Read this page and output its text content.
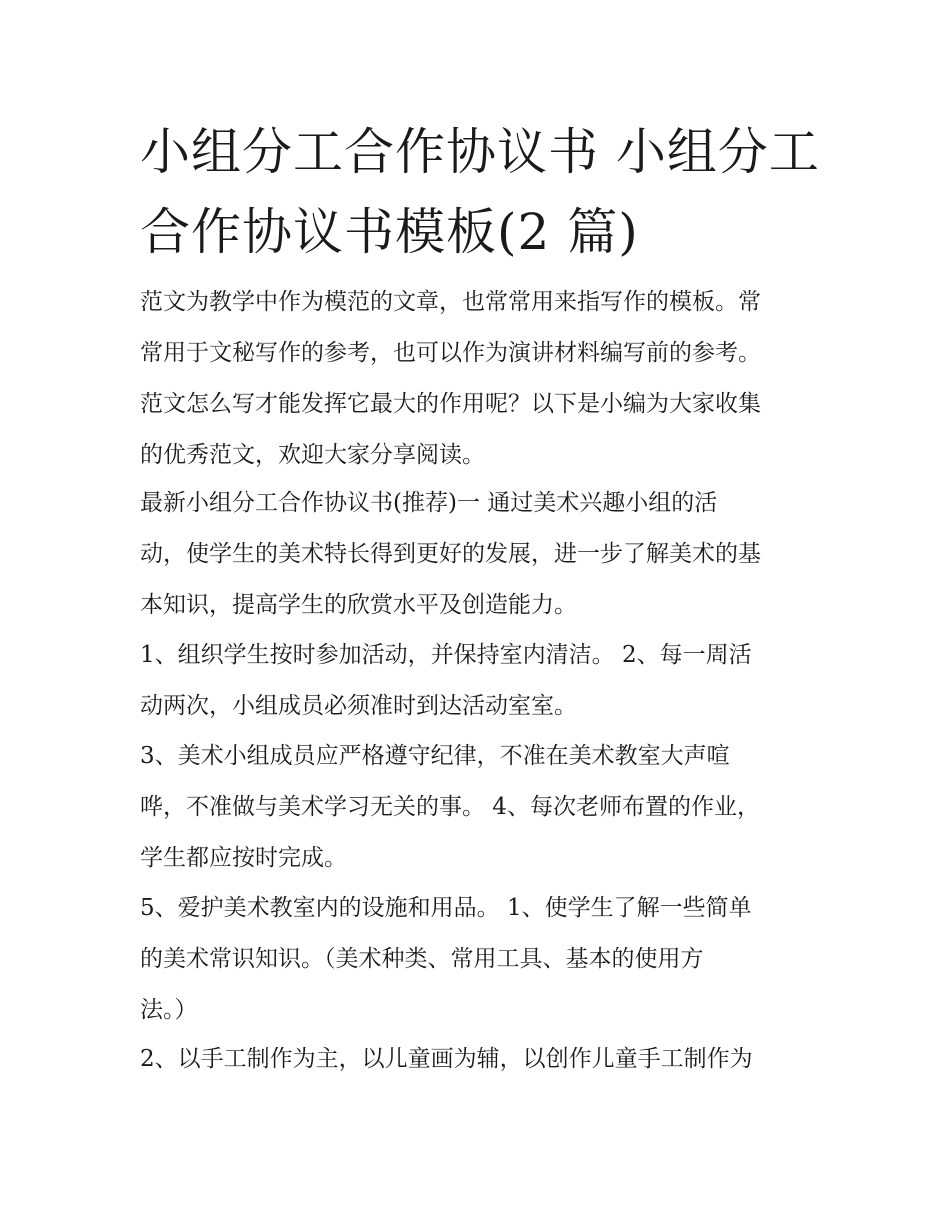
小组分工合作协议书 小组分工
合作协议书模板(2 篇)

范文为教学中作为模范的文章，也常常用来指写作的模板。常
常用于文秘写作的参考，也可以作为演讲材料编写前的参考。
范文怎么写才能发挥它最大的作用呢？以下是小编为大家收集
的优秀范文，欢迎大家分享阅读。

最新小组分工合作协议书(推荐)一 通过美术兴趣小组的活
动，使学生的美术特长得到更好的发展，进一步了解美术的基
本知识，提高学生的欣赏水平及创造能力。

1、组织学生按时参加活动，并保持室内清洁。 2、每一周活
动两次，小组成员必须准时到达活动室室。

3、美术小组成员应严格遵守纪律，不准在美术教室大声喧
哗，不准做与美术学习无关的事。 4、每次老师布置的作业，
学生都应按时完成。

5、爱护美术教室内的设施和用品。 1、使学生了解一些简单
的美术常识知识。（美术种类、常用工具、基本的使用方
法。）

2、以手工制作为主，以儿童画为辅，以创作儿童手工制作为
